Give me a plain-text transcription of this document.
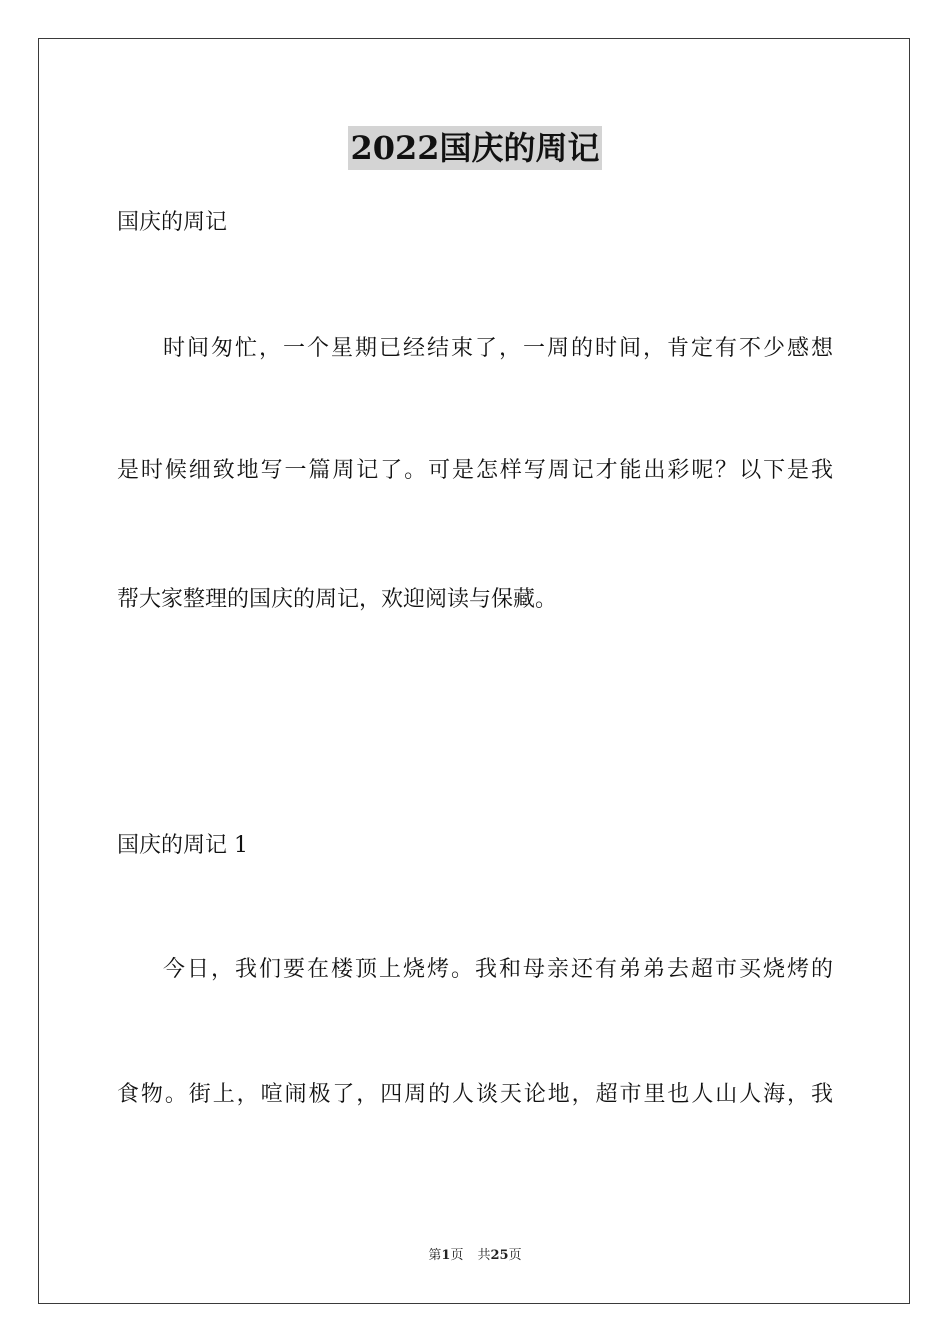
2022国庆的周记
国庆的周记
时间匆忙，一个星期已经结束了，一周的时间，肯定有不少感想
是时候细致地写一篇周记了。可是怎样写周记才能出彩呢？以下是我
帮大家整理的国庆的周记，欢迎阅读与保藏。
国庆的周记 1
今日，我们要在楼顶上烧烤。我和母亲还有弟弟去超市买烧烤的
食物。街上，喧闹极了，四周的人谈天论地，超市里也人山人海，我
第1页 共25页
